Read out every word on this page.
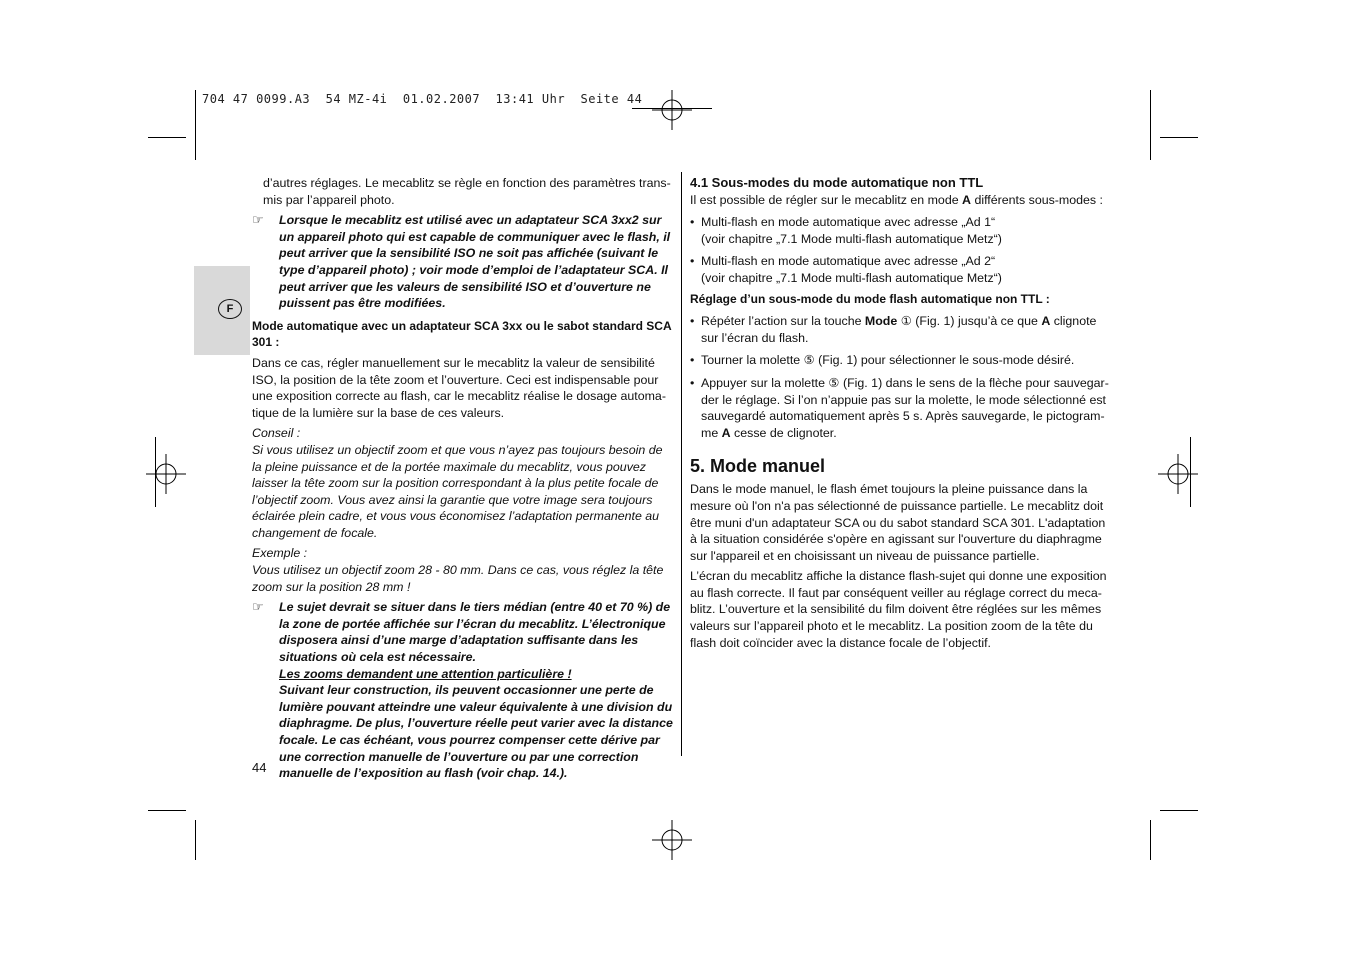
704 47 0099.A3  54 MZ-4i  01.02.2007  13:41 Uhr  Seite 44
F

d’autres réglages. Le mecablitz se règle en fonction des paramètres transmis par l’appareil photo.

☞ Lorsque le mecablitz est utilisé avec un adaptateur SCA 3xx2 sur un appareil photo qui est capable de communiquer avec le flash, il peut arriver que la sensibilité ISO ne soit pas affichée (suivant le type d’appareil photo) ; voir mode d’emploi de l’adaptateur SCA. Il peut arriver que les valeurs de sensibilité ISO et d’ouverture ne puissent pas être modifiées.

Mode automatique avec un adaptateur SCA 3xx ou le sabot standard SCA 301 :

Dans ce cas, régler manuellement sur le mecablitz la valeur de sensibilité ISO, la position de la tête zoom et l’ouverture. Ceci est indispensable pour une exposition correcte au flash, car le mecablitz réalise le dosage automatique de la lumière sur la base de ces valeurs.

Conseil :

Si vous utilisez un objectif zoom et que vous n’ayez pas toujours besoin de la pleine puissance et de la portée maximale du mecablitz, vous pouvez laisser la tête zoom sur la position correspondant à la plus petite focale de l’objectif zoom. Vous avez ainsi la garantie que votre image sera toujours éclairée plein cadre, et vous vous économisez l’adaptation permanente au changement de focale.

Exemple :

Vous utilisez un objectif zoom 28 - 80 mm. Dans ce cas, vous réglez la tête zoom sur la position 28 mm !

☞ Le sujet devrait se situer dans le tiers médian (entre 40 et 70 %) de la zone de portée affichée sur l’écran du mecablitz. L’électronique disposera ainsi d’une marge d’adaptation suffisante dans les situations où cela est nécessaire.

Les zooms demandent une attention particulière !

Suivant leur construction, ils peuvent occasionner une perte de lumière pouvant atteindre une valeur équivalente à une division du diaphragme. De plus, l’ouverture réelle peut varier avec la distance focale. Le cas échéant, vous pourrez compenser cette dérive par une correction manuelle de l’ouverture ou par une correction manuelle de l’exposition au flash (voir chap. 14.).

44

4.1 Sous-modes du mode automatique non TTL

Il est possible de régler sur le mecablitz en mode A différents sous-modes :

• Multi-flash en mode automatique avec adresse „Ad 1“

(voir chapitre „7.1 Mode multi-flash automatique Metz“)

• Multi-flash en mode automatique avec adresse „Ad 2“

(voir chapitre „7.1 Mode multi-flash automatique Metz“)

Réglage d’un sous-mode du mode flash automatique non TTL :

• Répéter l’action sur la touche Mode ① (Fig. 1) jusqu’à ce que A clignote sur l’écran du flash.

• Tourner la molette ⑤ (Fig. 1) pour sélectionner le sous-mode désiré.

• Appuyer sur la molette ⑤ (Fig. 1) dans le sens de la flèche pour sauvegarder le réglage. Si l’on n’appuie pas sur la molette, le mode sélectionné est sauvegardé automatiquement après 5 s. Après sauvegarde, le pictogramme A cesse de clignoter.

5. Mode manuel

Dans le mode manuel, le flash émet toujours la pleine puissance dans la mesure où l'on n'a pas sélectionné de puissance partielle. Le mecablitz doit être muni d'un adaptateur SCA ou du sabot standard SCA 301. L'adaptation à la situation considérée s'opère en agissant sur l'ouverture du diaphragme sur l'appareil et en choisissant un niveau de puissance partielle.

L’écran du mecablitz affiche la distance flash-sujet qui donne une exposition au flash correcte. Il faut par conséquent veiller au réglage correct du mecablitz. L’ouverture et la sensibilité du film doivent être réglées sur les mêmes valeurs sur l’appareil photo et le mecablitz. La position zoom de la tête du flash doit coïncider avec la distance focale de l’objectif.
